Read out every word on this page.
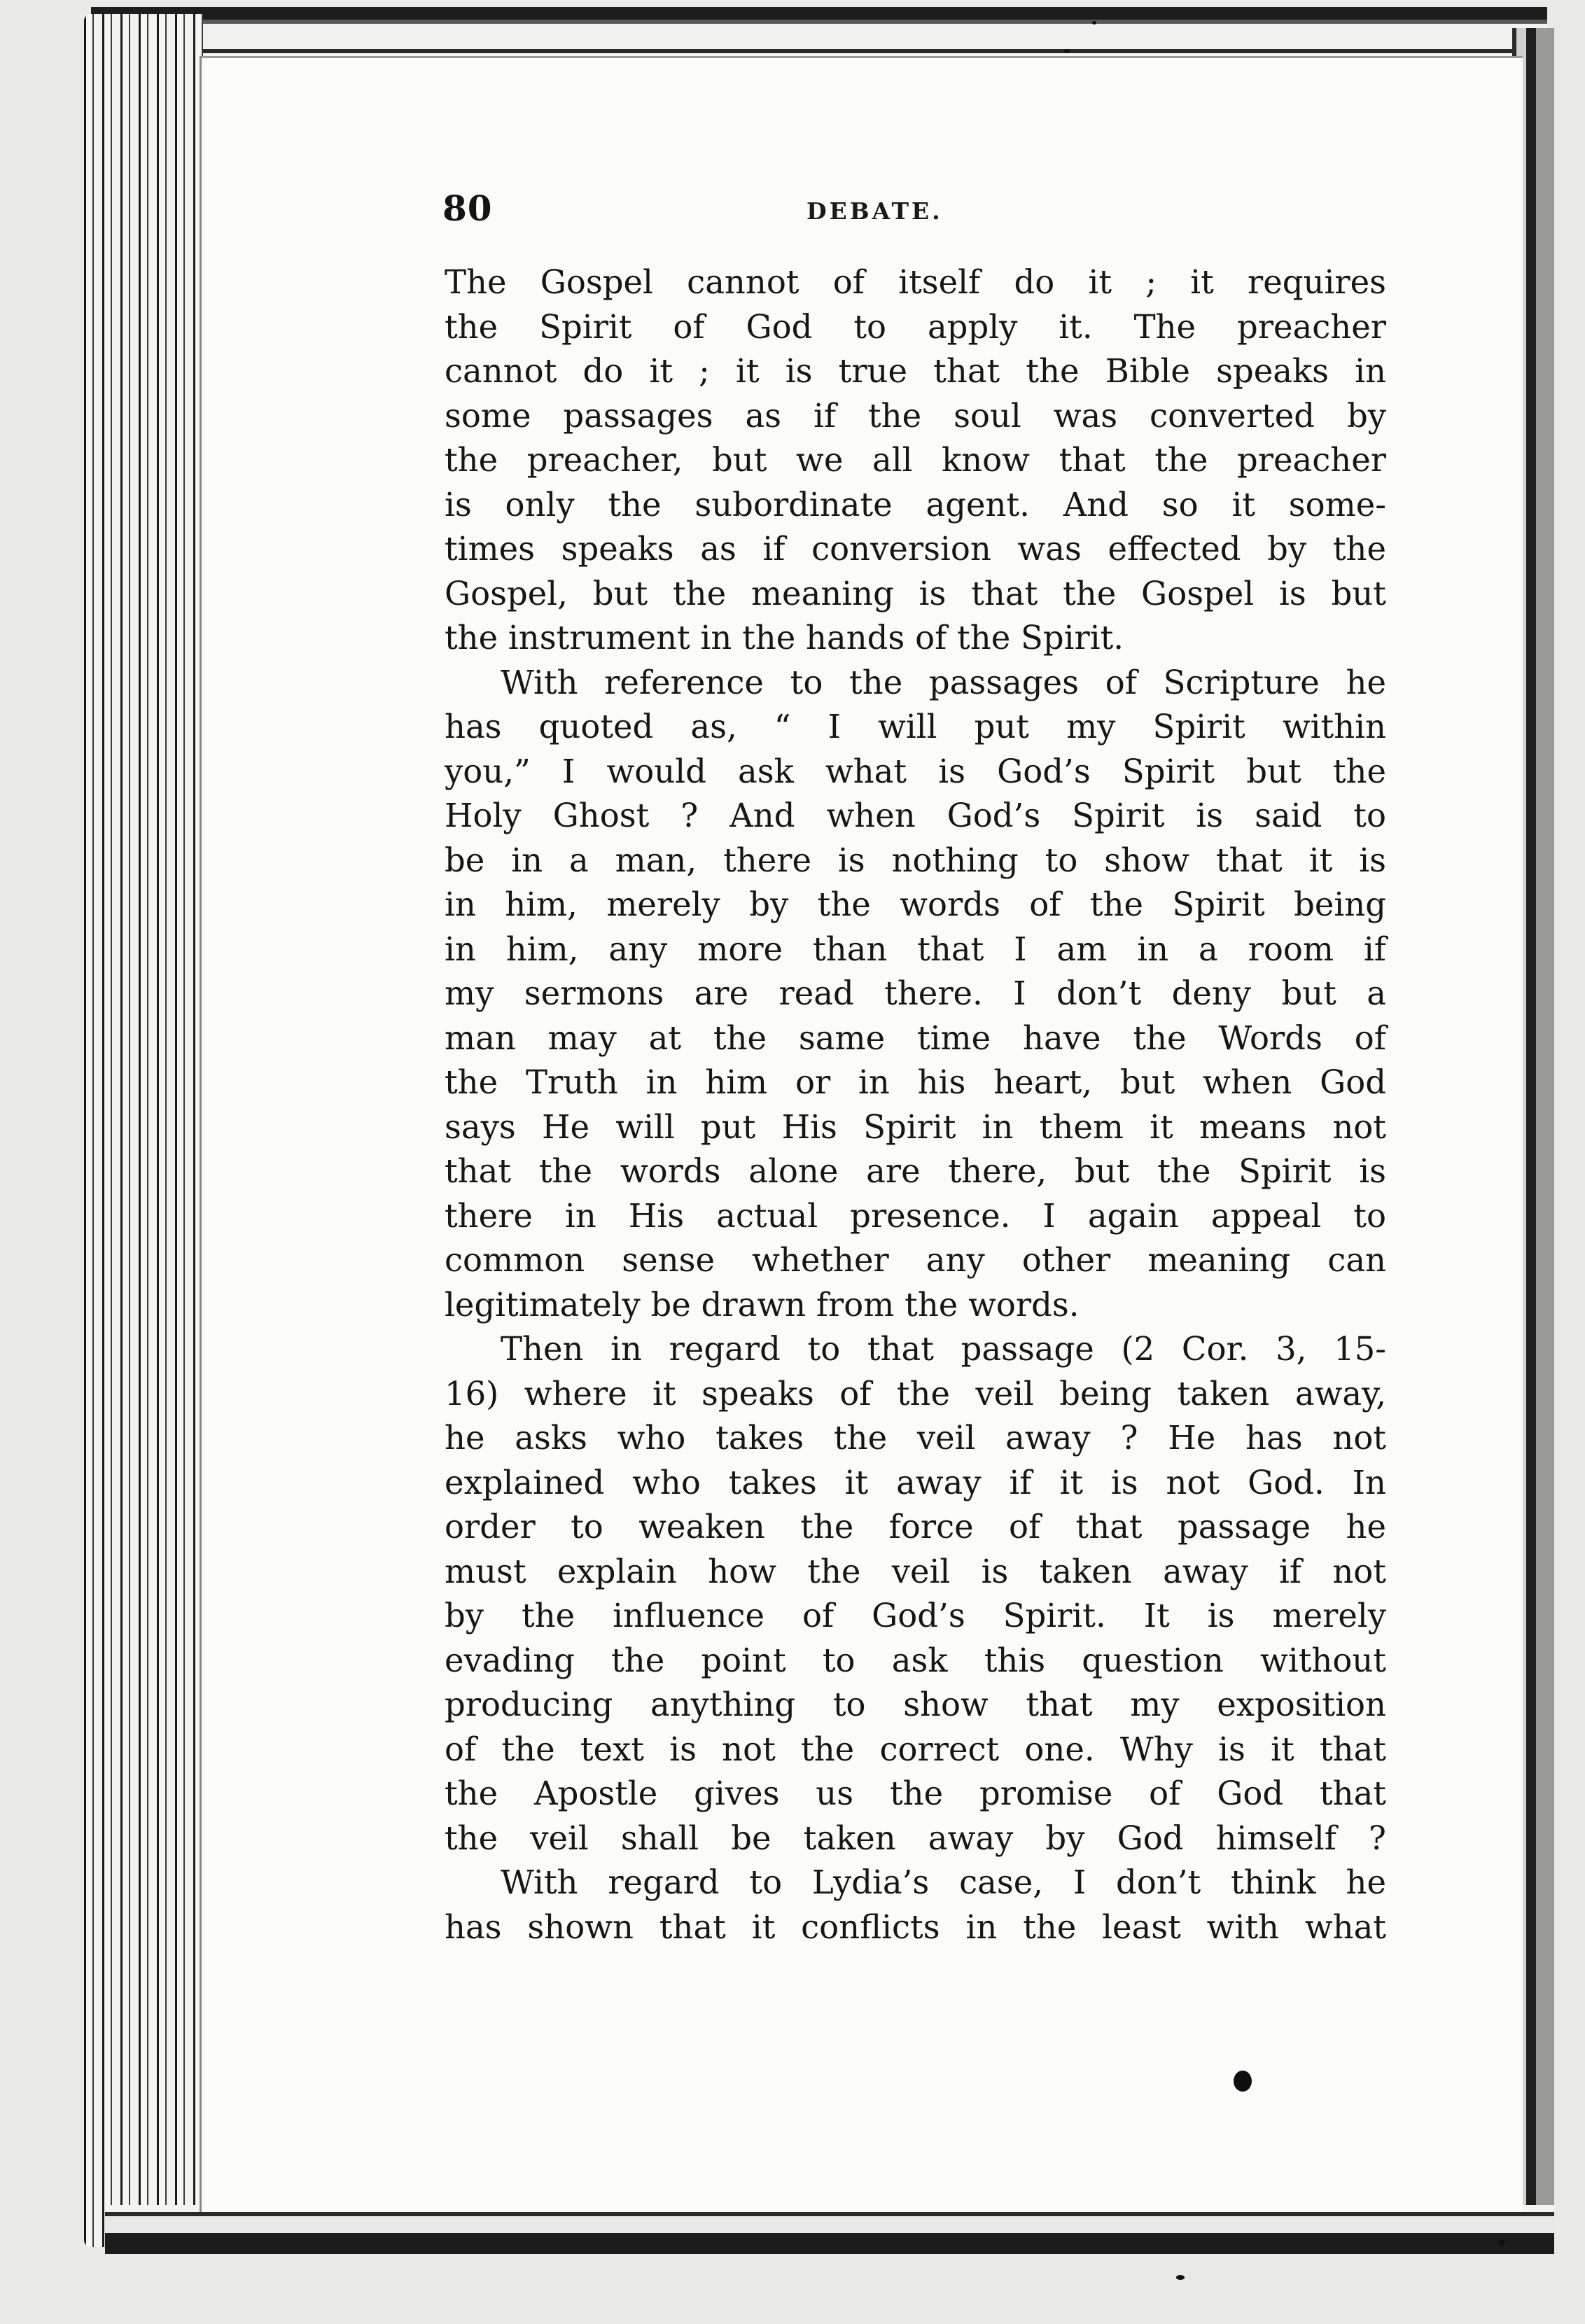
80	DEBATE.
The Gospel cannot of itself do it ; it requires
the Spirit of God to apply it. The preacher
cannot do it ; it is true that the Bible speaks in
some passages as if the soul was converted by
the preacher, but we all know that the preacher
is only the subordinate agent. And so it some-
times speaks as if conversion was effected by the
Gospel, but the meaning is that the Gospel is but
the instrument in the hands of the Spirit.
With reference to the passages of Scripture he
has quoted as, “ I will put my Spirit within
you,” I would ask what is God’s Spirit but the
Holy Ghost ? And when God’s Spirit is said to
be in a man, there is nothing to show that it is
in him, merely by the words of the Spirit being
in him, any more than that I am in a room if
my sermons are read there. I don’t deny but a
man may at the same time have the Words of
the Truth in him or in his heart, but when God
says He will put His Spirit in them it means not
that the words alone are there, but the Spirit is
there in His actual presence. I again appeal to
common sense whether any other meaning can
legitimately be drawn from the words.
Then in regard to that passage (2 Cor. 3, 15-
16) where it speaks of the veil being taken away,
he asks who takes the veil away ? He has not
explained who takes it away if it is not God. In
order to weaken the force of that passage he
must explain how the veil is taken away if not
by the influence of God’s Spirit. It is merely
evading the point to ask this question without
producing anything to show that my exposition
of the text is not the correct one. Why is it that
the Apostle gives us the promise of God that
the veil shall be taken away by God himself ?
With regard to Lydia’s case, I don’t think he
has shown that it conflicts in the least with what
